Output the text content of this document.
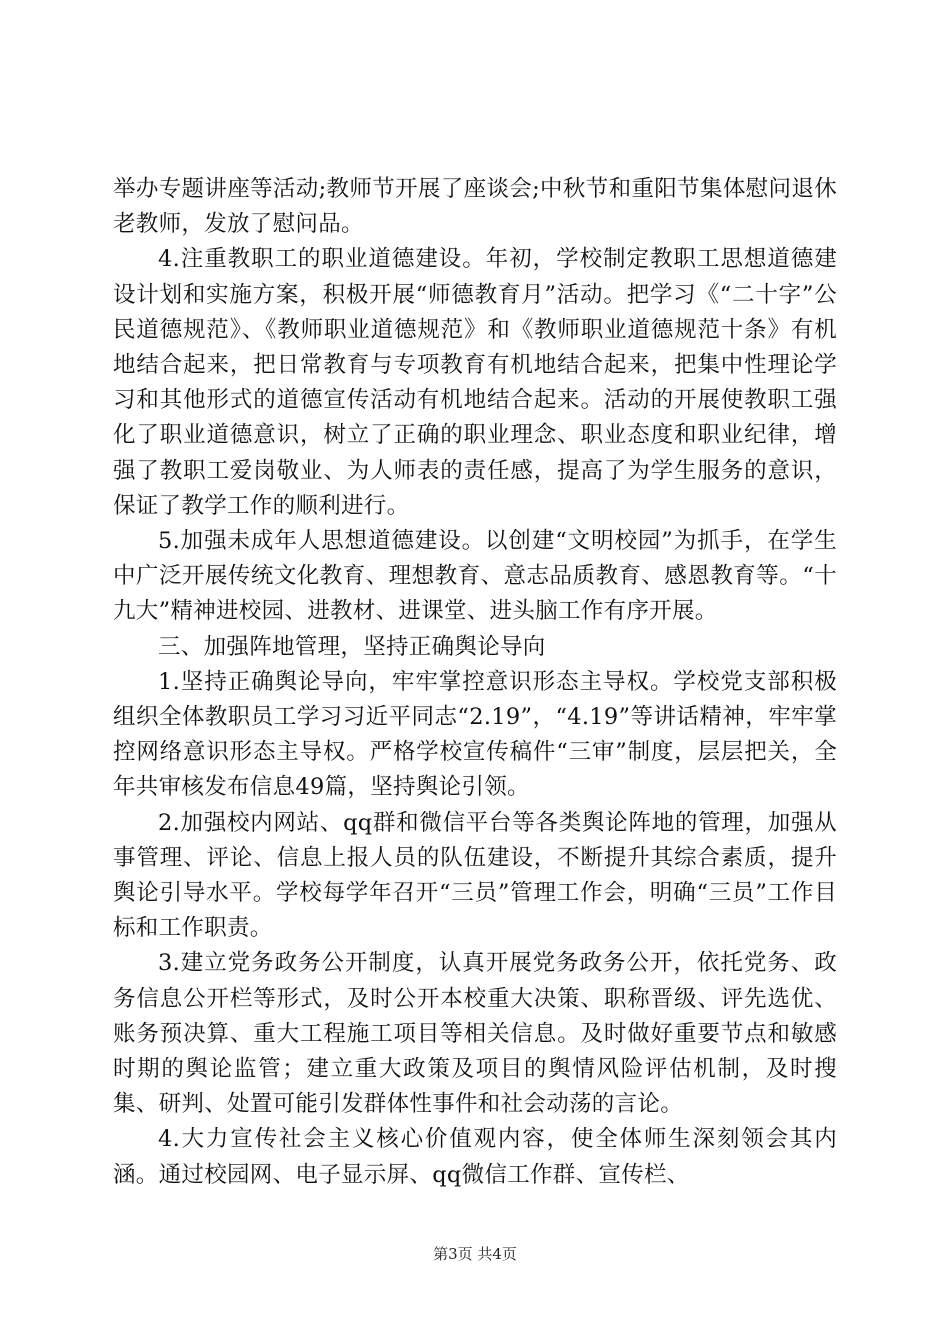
举办专题讲座等活动;教师节开展了座谈会;中秋节和重阳节集体慰问退休老教师，发放了慰问品。

4.注重教职工的职业道德建设。年初，学校制定教职工思想道德建设计划和实施方案，积极开展“师德教育月”活动。把学习《“二十字”公民道德规范》、《教师职业道德规范》和《教师职业道德规范十条》有机地结合起来，把日常教育与专项教育有机地结合起来，把集中性理论学习和其他形式的道德宣传活动有机地结合起来。活动的开展使教职工强化了职业道德意识，树立了正确的职业理念、职业态度和职业纪律，增强了教职工爱岗敬业、为人师表的责任感，提高了为学生服务的意识，保证了教学工作的顺利进行。

5.加强未成年人思想道德建设。以创建“文明校园”为抓手，在学生中广泛开展传统文化教育、理想教育、意志品质教育、感恩教育等。“十九大”精神进校园、进教材、进课堂、进头脑工作有序开展。

三、加强阵地管理，坚持正确舆论导向

1.坚持正确舆论导向，牢牢掌控意识形态主导权。学校党支部积极组织全体教职员工学习习近平同志“2.19”，“4.19”等讲话精神，牢牢掌控网络意识形态主导权。严格学校宣传稿件“三审”制度，层层把关，全年共审核发布信息49篇，坚持舆论引领。

2.加强校内网站、qq群和微信平台等各类舆论阵地的管理，加强从事管理、评论、信息上报人员的队伍建设，不断提升其综合素质，提升舆论引导水平。学校每学年召开“三员”管理工作会，明确“三员”工作目标和工作职责。

3.建立党务政务公开制度，认真开展党务政务公开，依托党务、政务信息公开栏等形式，及时公开本校重大决策、职称晋级、评先选优、账务预决算、重大工程施工项目等相关信息。及时做好重要节点和敏感时期的舆论监管；建立重大政策及项目的舆情风险评估机制，及时搜集、研判、处置可能引发群体性事件和社会动荡的言论。

4.大力宣传社会主义核心价值观内容，使全体师生深刻领会其内涵。通过校园网、电子显示屏、qq微信工作群、宣传栏、

第3页 共4页
